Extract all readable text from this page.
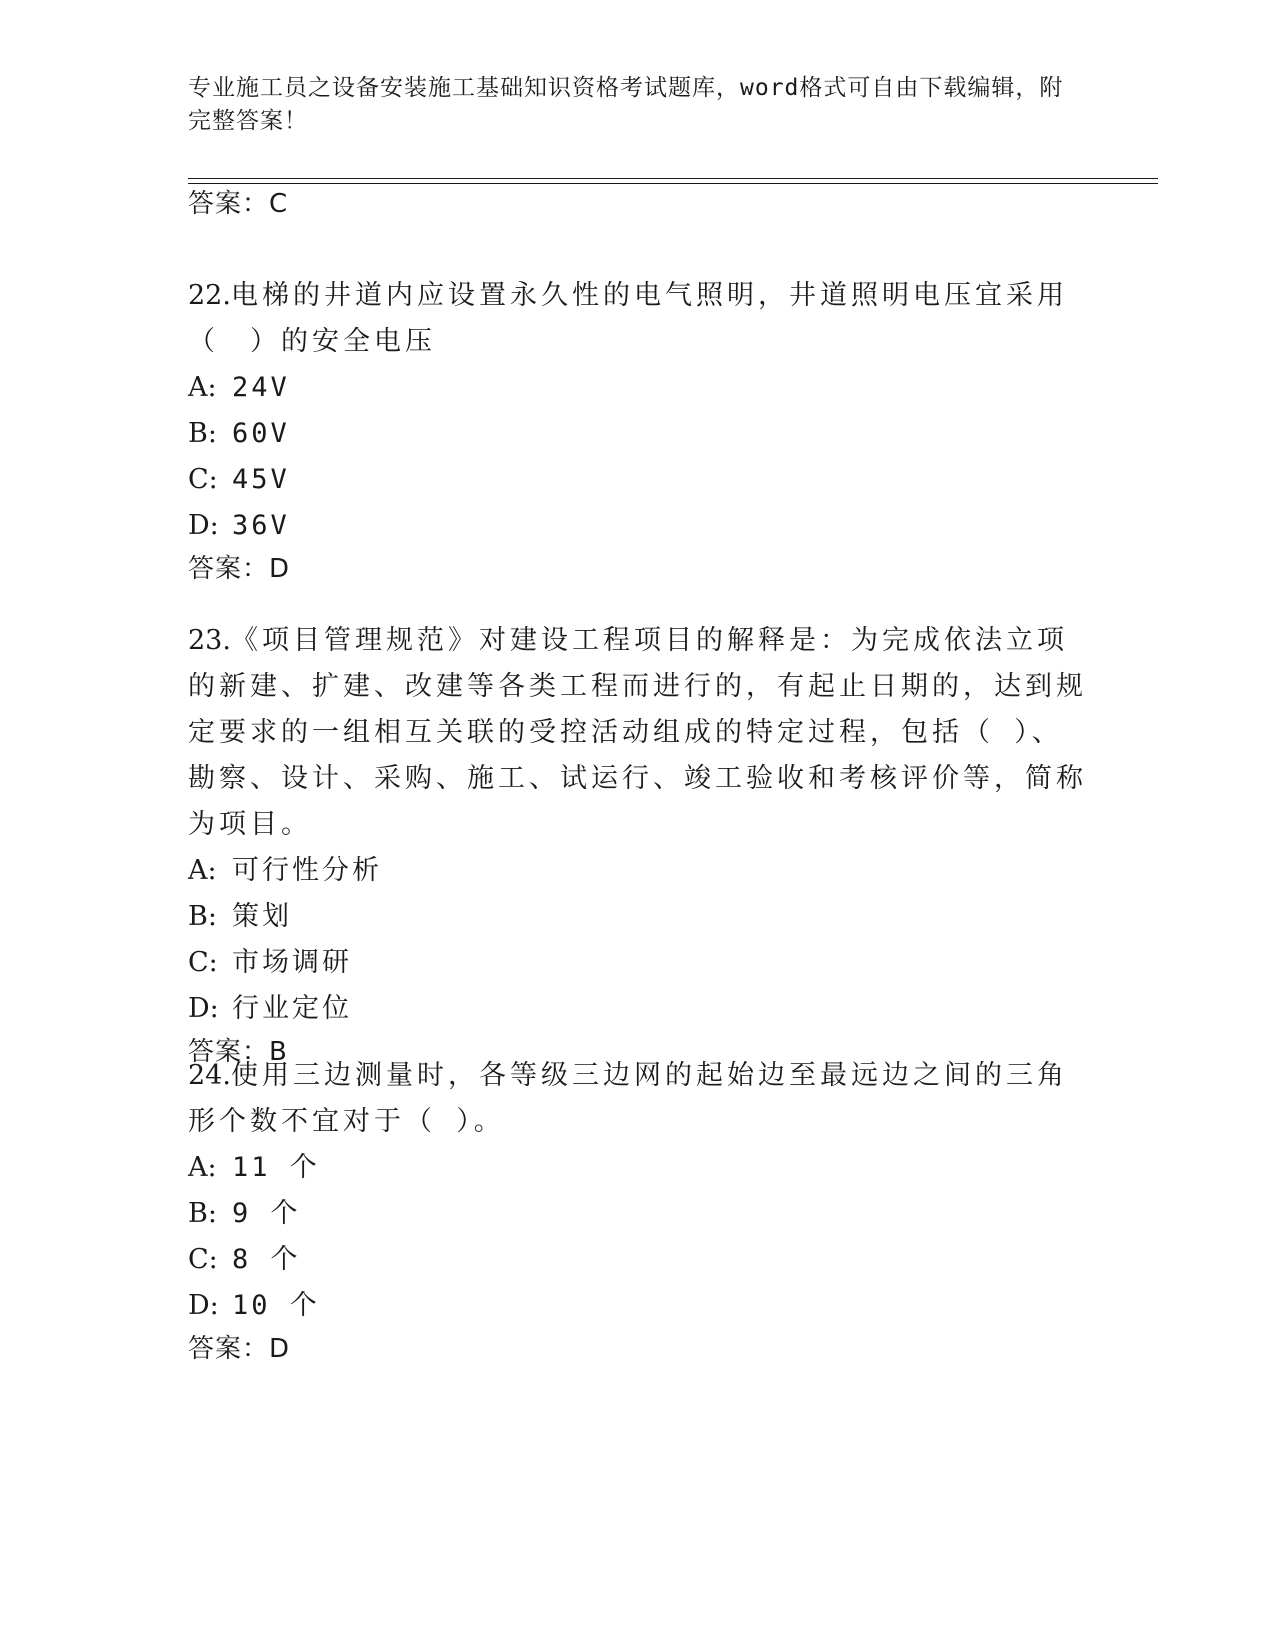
专业施工员之设备安装施工基础知识资格考试题库，word格式可自由下载编辑，附完整答案！
答案：C
22.电梯的井道内应设置永久性的电气照明，井道照明电压宜采用（　）的安全电压
A: 24V
B: 60V
C: 45V
D: 36V
答案：D
23.《项目管理规范》对建设工程项目的解释是：为完成依法立项的新建、扩建、改建等各类工程而进行的，有起止日期的，达到规定要求的一组相互关联的受控活动组成的特定过程，包括（ ）、勘察、设计、采购、施工、试运行、竣工验收和考核评价等，简称为项目。
A: 可行性分析
B: 策划
C: 市场调研
D: 行业定位
答案：B
24.使用三边测量时，各等级三边网的起始边至最远边之间的三角形个数不宜对于（ ）。
A: 11 个
B: 9 个
C: 8 个
D: 10 个
答案：D
